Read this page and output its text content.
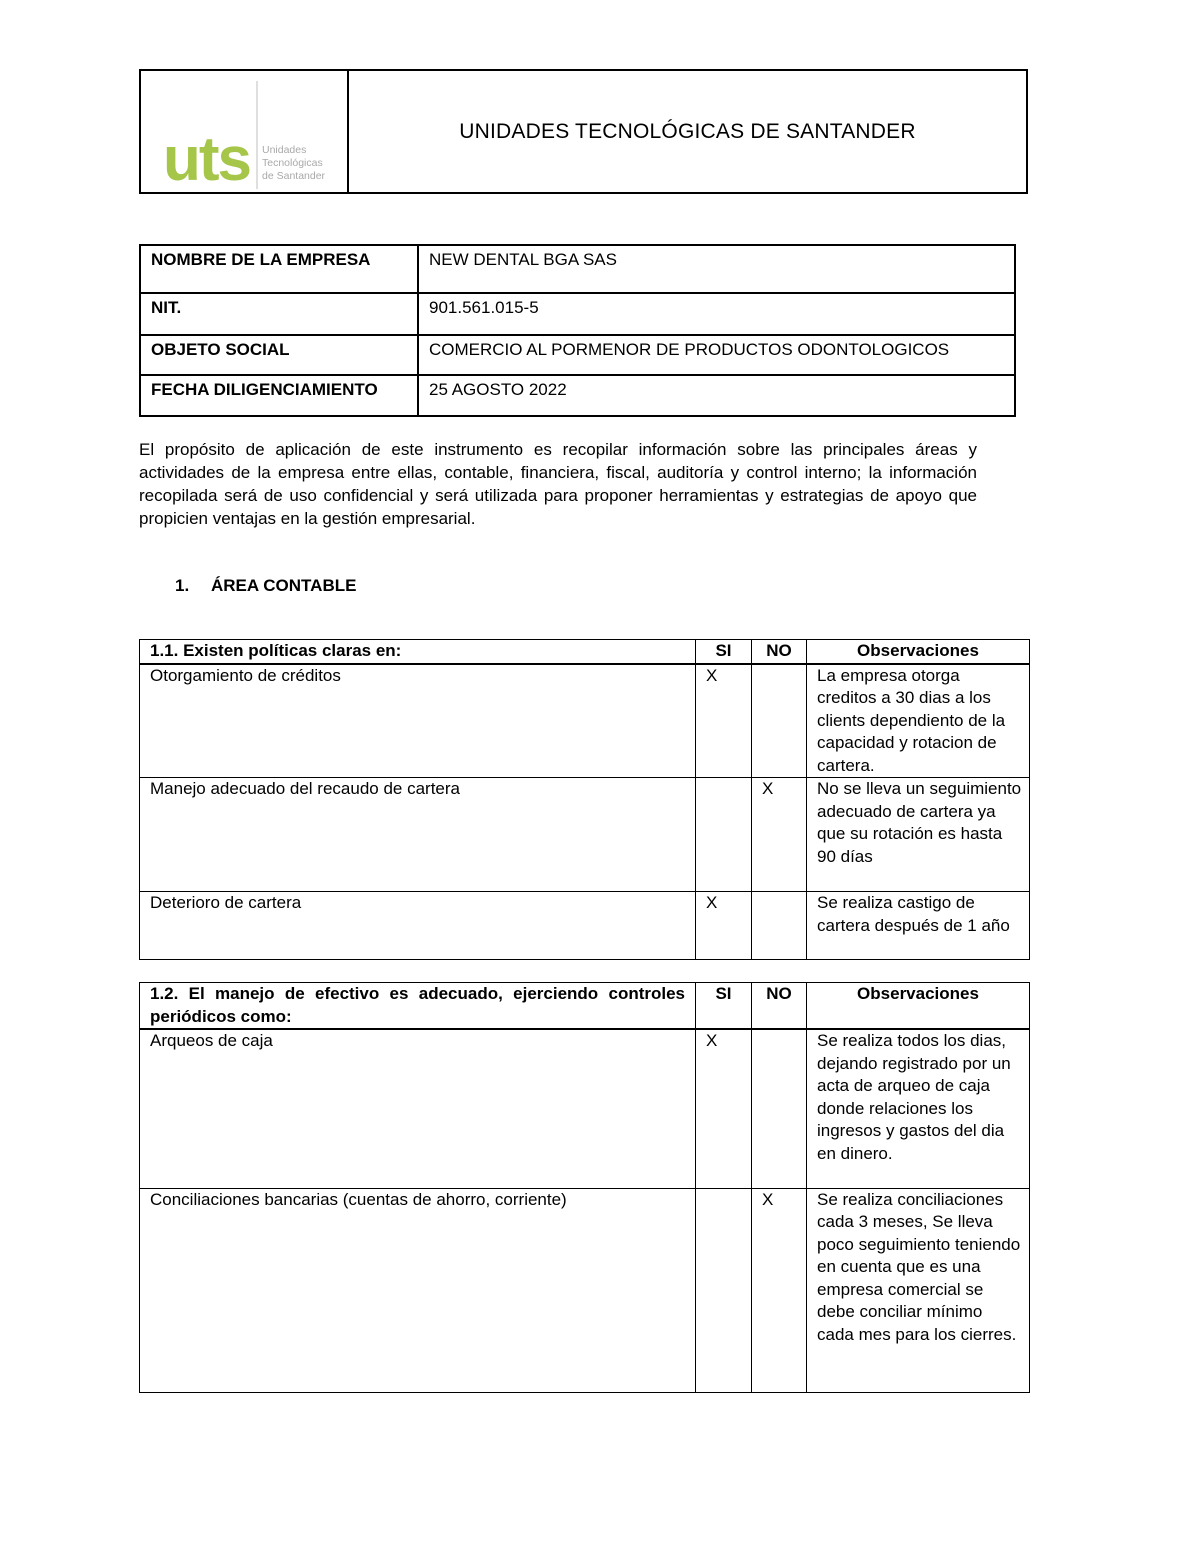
uts Unidades
Tecnológicas
de Santander
UNIDADES TECNOLÓGICAS DE SANTANDER
NOMBRE DE LA EMPRESA	NEW DENTAL BGA SAS
NIT.	901.561.015-5
OBJETO SOCIAL	COMERCIO AL PORMENOR DE PRODUCTOS ODONTOLOGICOS
FECHA DILIGENCIAMIENTO	25 AGOSTO 2022
El propósito de aplicación de este instrumento es recopilar información sobre las principales áreas y actividades de la empresa entre ellas, contable, financiera, fiscal, auditoría y control interno; la información recopilada será de uso confidencial y será utilizada para proponer herramientas y estrategias de apoyo que propicien ventajas en la gestión empresarial.
1. ÁREA CONTABLE
1.1. Existen políticas claras en:	SI	NO	Observaciones
Otorgamiento de créditos	X		La empresa otorga creditos a 30 dias a los clients dependiento de la capacidad y rotacion de cartera.
Manejo adecuado del recaudo de cartera		X	No se lleva un seguimiento adecuado de cartera ya que su rotación es hasta 90 días
Deterioro de cartera	X		Se realiza castigo de cartera después de 1 año
1.2. El manejo de efectivo es adecuado, ejerciendo controles periódicos como:	SI	NO	Observaciones
Arqueos de caja	X		Se realiza todos los dias, dejando registrado por un acta de arqueo de caja donde relaciones los ingresos y gastos del dia en dinero.
Conciliaciones bancarias (cuentas de ahorro, corriente)		X	Se realiza conciliaciones cada 3 meses, Se lleva poco seguimiento teniendo en cuenta que es una empresa comercial se debe conciliar mínimo cada mes para los cierres.
